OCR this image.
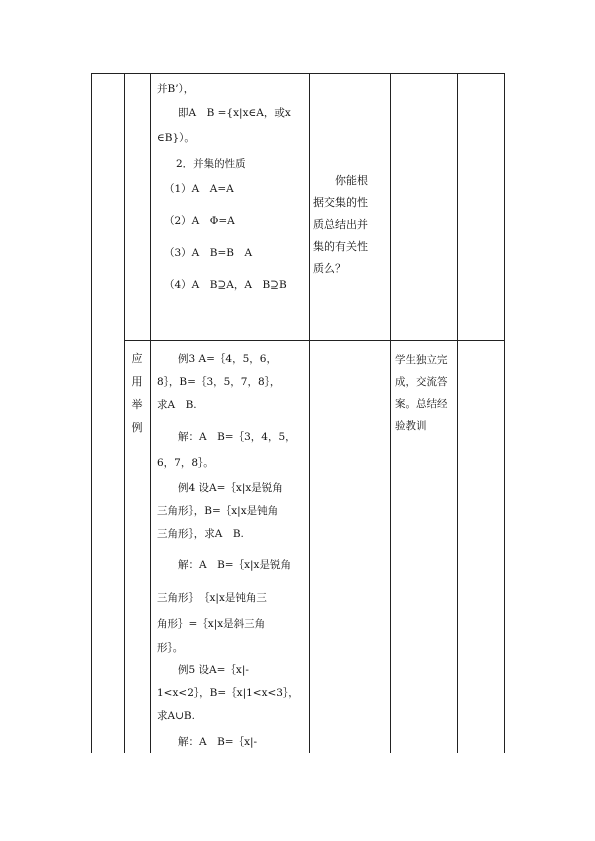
并B’），
即A　B ={x|x∈A，或x
∈B}）。
2．并集的性质
（1）A　A=A
（2）A　Φ=A
（3）A　B=B　A
（4）A　B⊇A，A　B⊇B
你能根
据交集的性
质总结出并
集的有关性
质么？
应
用
举
例
例3 A=｛4，5，6，
8｝，B=｛3，5，7，8｝，
求A　B.
解：A　B=｛3，4，5，
6，7，8｝。
例4 设A=｛x|x是锐角
三角形｝，B=｛x|x是钝角
三角形｝，求A　B.
解：A　B=｛x|x是锐角
三角形｝　｛x|x是钝角三
角形｝=｛x|x是斜三角
形｝。
例5 设A=｛x|-
1<x<2｝，B=｛x|1<x<3｝，
求A∪B.
解：A　B=｛x|-
学生独立完
成，交流答
案。总结经
验教训
